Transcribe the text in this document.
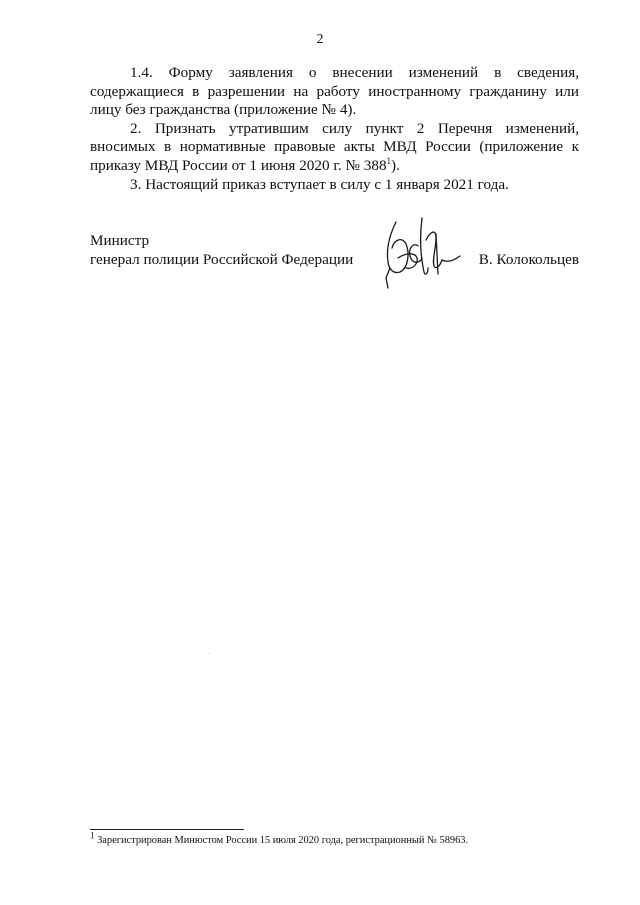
2

1.4. Форму заявления о внесении изменений в сведения, содержащиеся в разрешении на работу иностранному гражданину или лицу без гражданства (приложение № 4).

2. Признать утратившим силу пункт 2 Перечня изменений, вносимых в нормативные правовые акты МВД России (приложение к приказу МВД России от 1 июня 2020 г. № $388^1$).

3. Настоящий приказ вступает в силу с 1 января 2021 года.

Министр
генерал полиции Российской Федерации	В. Колокольцев
$^1$ Зарегистрирован Минюстом России 15 июля 2020 года, регистрационный № 58963.
